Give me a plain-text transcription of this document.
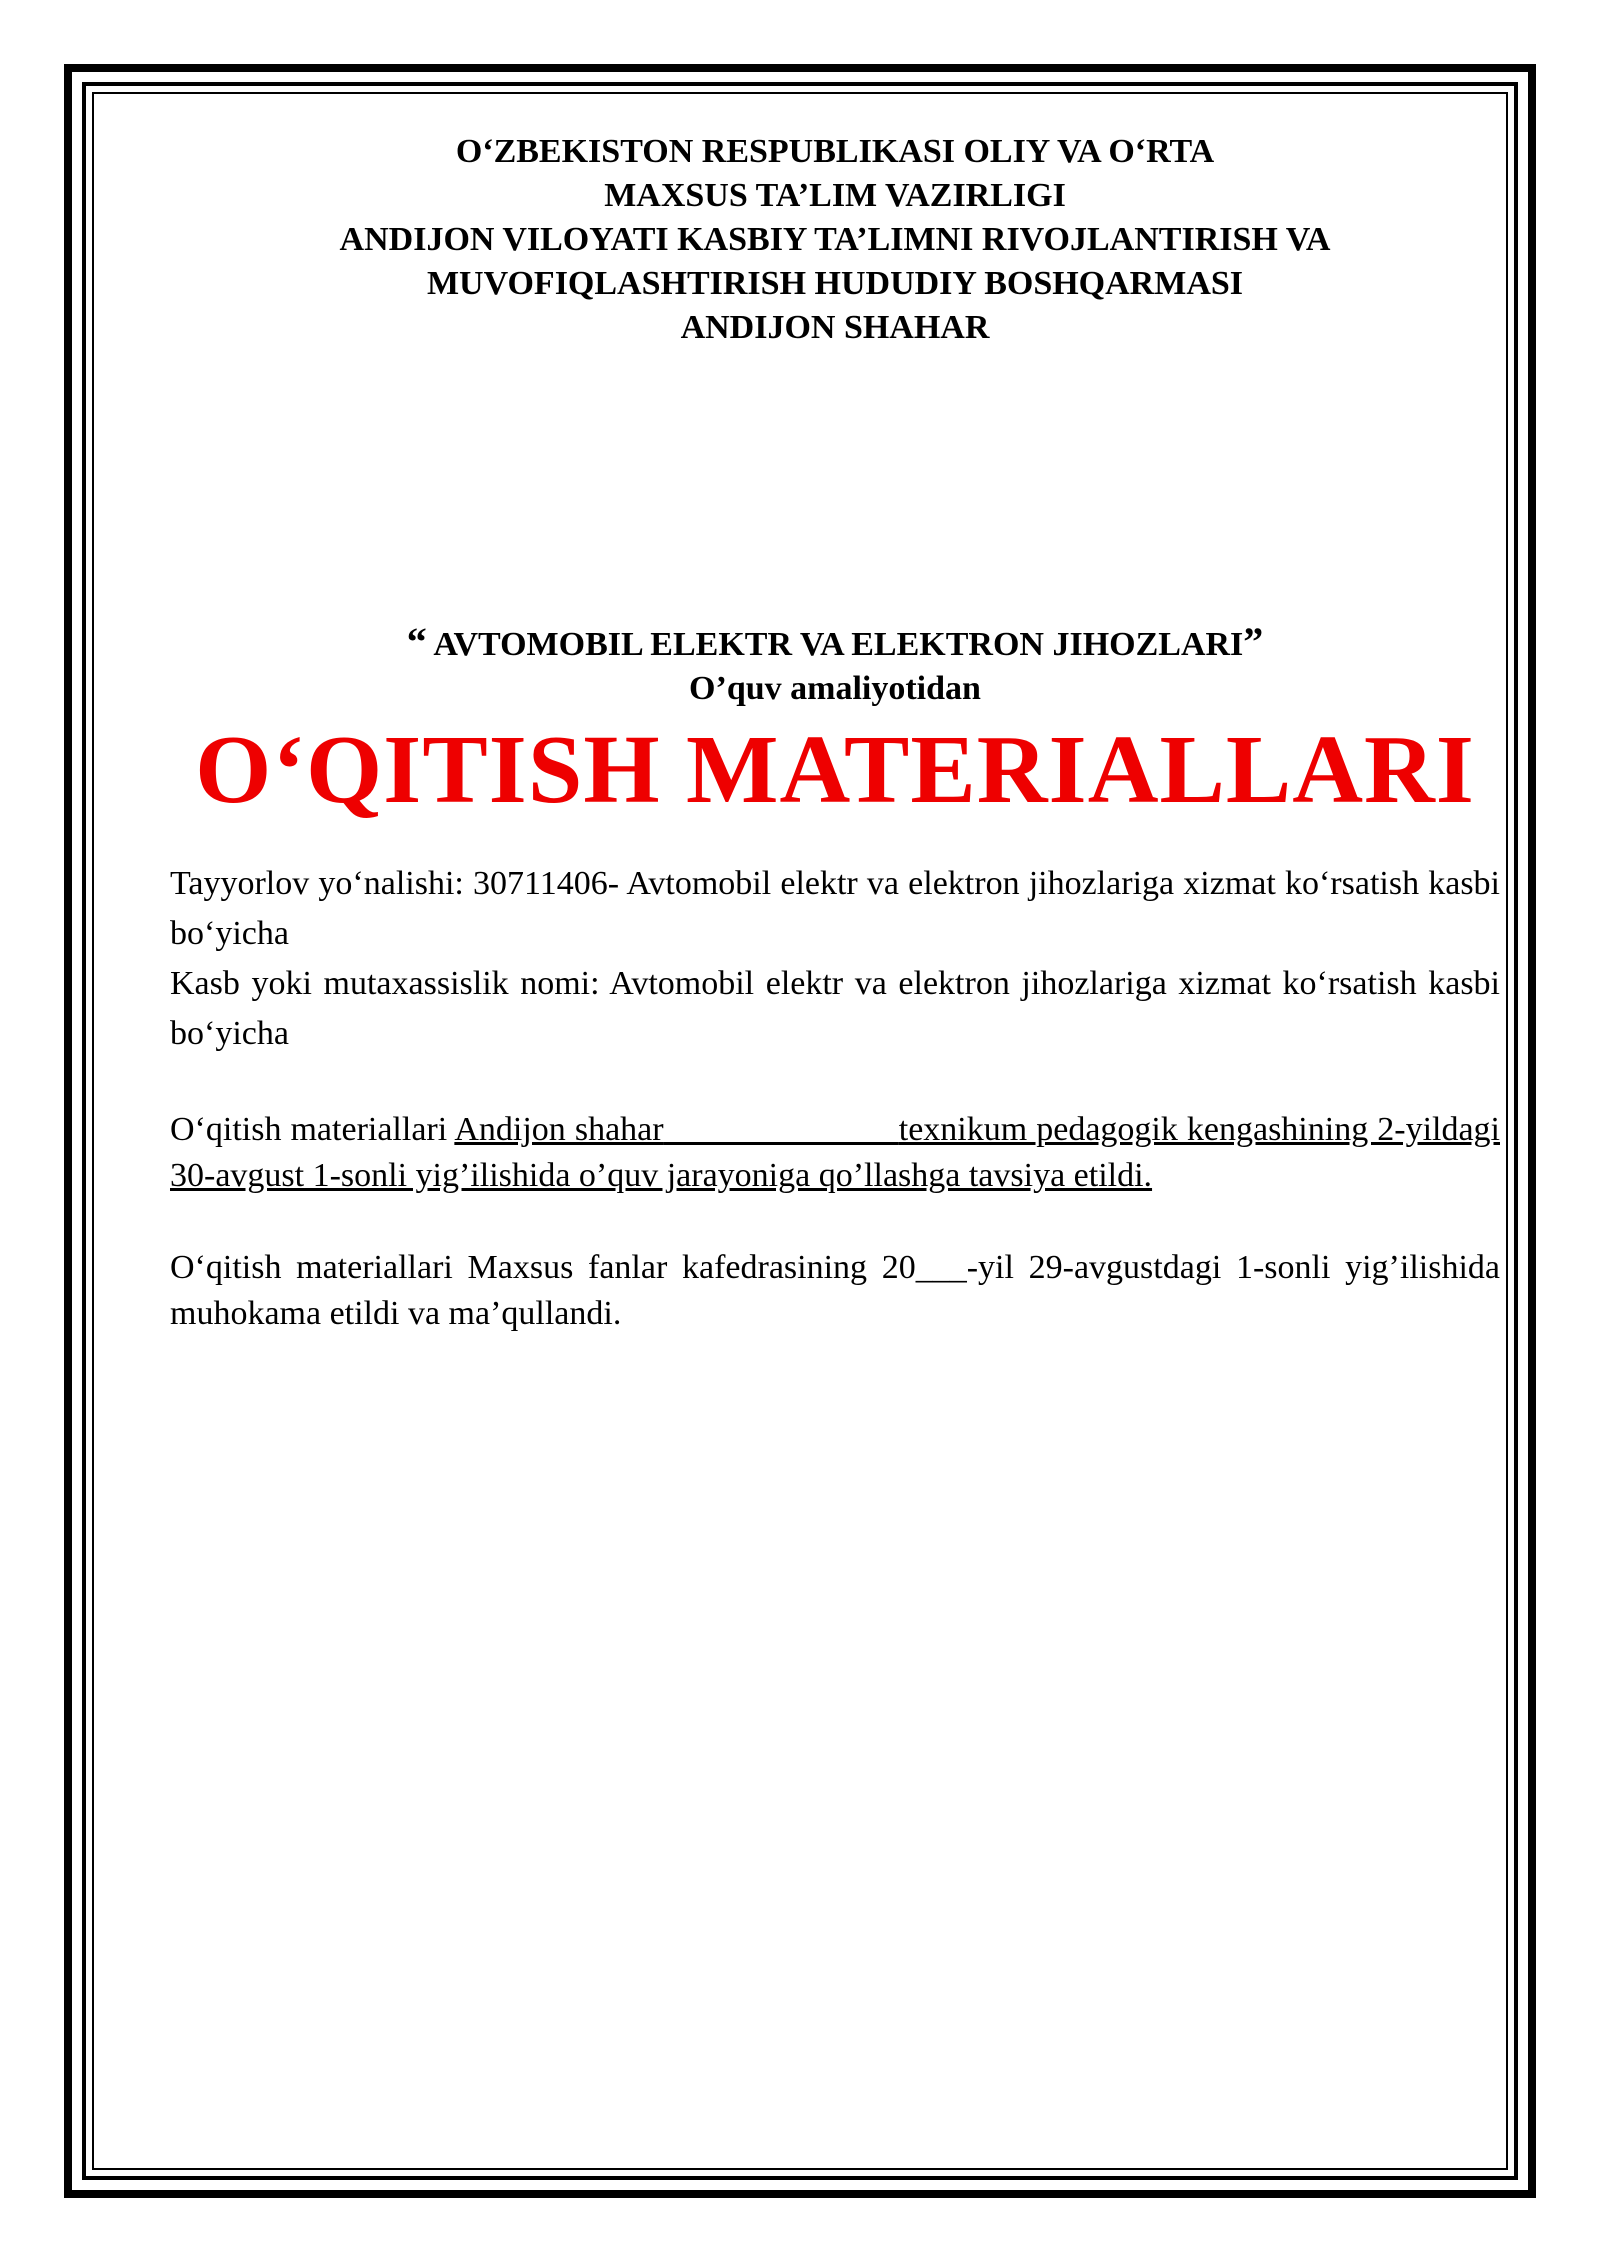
O‘ZBEKISTON RESPUBLIKASI OLIY VA O‘RTA
MAXSUS TA’LIM VAZIRLIGI
ANDIJON VILOYATI KASBIY TA’LIMNI RIVOJLANTIRISH VA
MUVOFIQLASHTIRISH HUDUDIY BOSHQARMASI
ANDIJON SHAHAR
“ AVTOMOBIL ELEKTR VA ELEKTRON JIHOZLARI”
O’quv amaliyotidan
O‘QITISH MATERIALLARI

Tayyorlov yo‘nalishi: 30711406- Avtomobil elektr va elektron jihozlariga xizmat ko‘rsatish kasbi bo‘yicha

Kasb yoki mutaxassislik nomi: Avtomobil elektr va elektron jihozlariga xizmat ko‘rsatish kasbi bo‘yicha

O‘qitish materiallari Andijon shahar	texnikum pedagogik kengashining 2-yildagi 30-avgust 1-sonli yig’ilishida o’quv jarayoniga qo’llashga tavsiya etildi.
O‘qitish materiallari Maxsus fanlar kafedrasining 20___-yil 29-avgustdagi 1-sonli yig’ilishida muhokama etildi va ma’qullandi.
